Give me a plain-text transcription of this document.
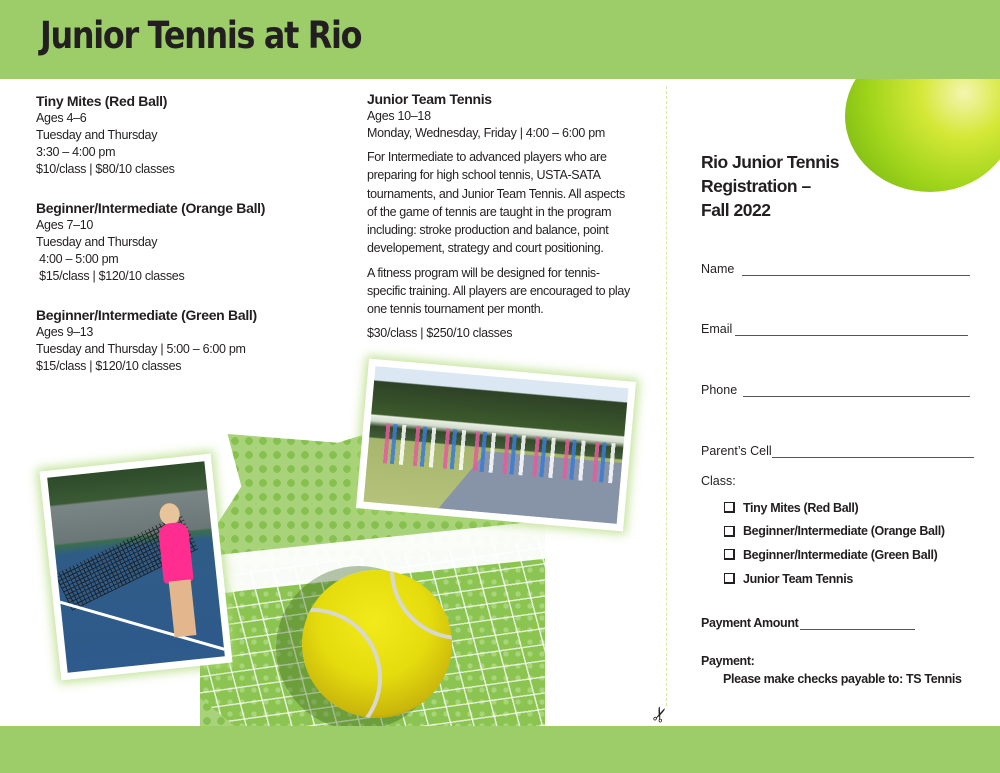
Junior Tennis at Rio
Tiny Mites (Red Ball)
Ages 4–6
Tuesday and Thursday
3:30 – 4:00 pm
$10/class | $80/10 classes
Beginner/Intermediate (Orange Ball)
Ages 7–10
Tuesday and Thursday
4:00 – 5:00 pm
$15/class | $120/10 classes
Beginner/Intermediate (Green Ball)
Ages 9–13
Tuesday and Thursday | 5:00 – 6:00 pm
$15/class | $120/10 classes
Junior Team Tennis
Ages 10–18
Monday, Wednesday, Friday | 4:00 – 6:00 pm

For Intermediate to advanced players who are preparing for high school tennis, USTA-SATA tournaments, and Junior Team Tennis. All aspects of the game of tennis are taught in the program including: stroke production and balance, point developement, strategy and court positioning.

A fitness program will be designed for tennis-specific training. All players are encouraged to play one tennis tournament per month.

$30/class | $250/10 classes

✂
Rio Junior Tennis
Registration –
Fall 2022
Name
Email
Phone
Parent’s Cell
Class:
Tiny Mites (Red Ball)
Beginner/Intermediate (Orange Ball)
Beginner/Intermediate (Green Ball)
Junior Team Tennis
Payment Amount
Payment:
Please make checks payable to: TS Tennis
